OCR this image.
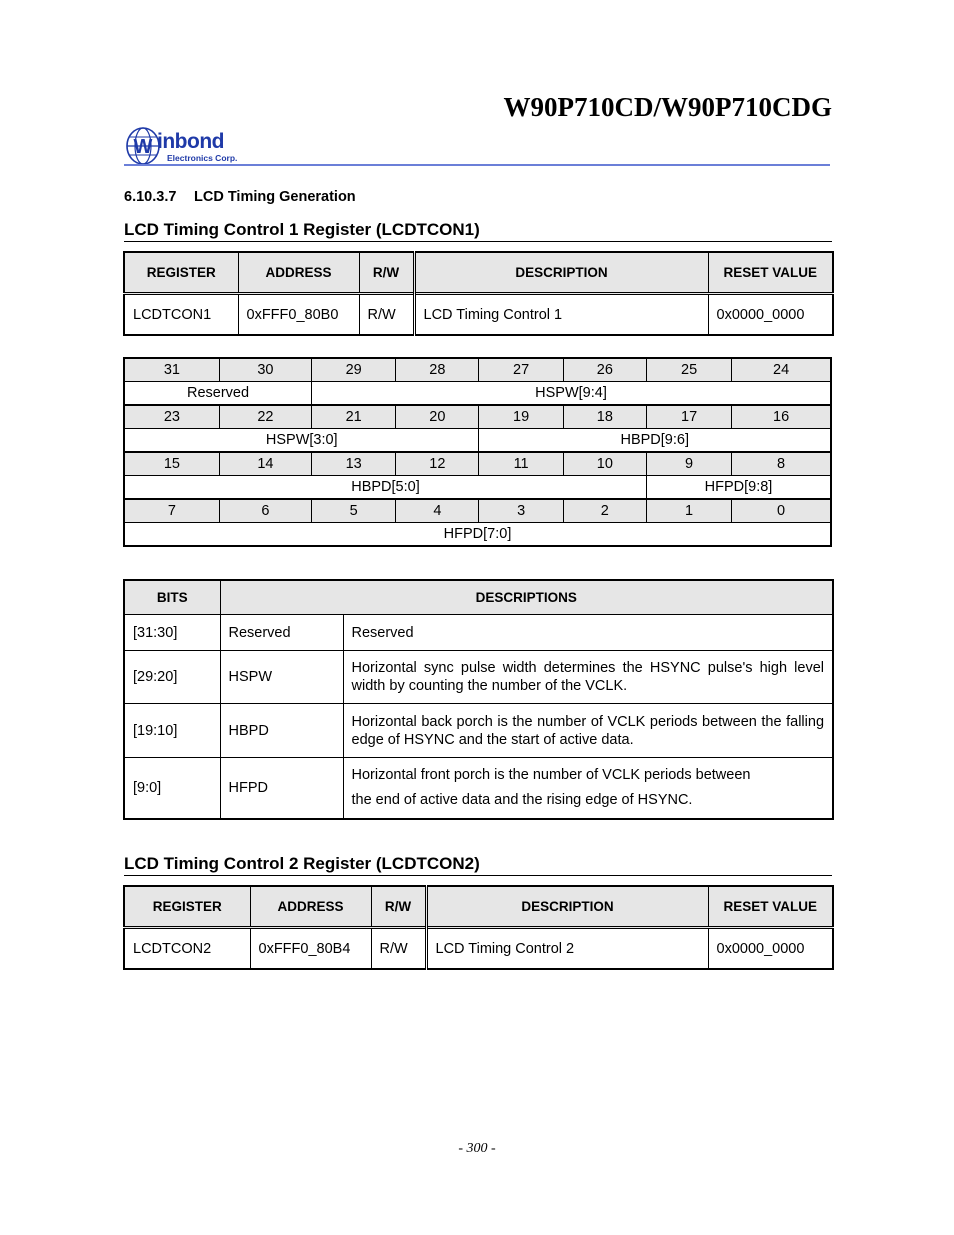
W90P710CD/W90P710CDG
W inbond
Electronics Corp.
6.10.3.7 LCD Timing Generation
LCD Timing Control 1 Register (LCDTCON1)
REGISTER	ADDRESS	R/W	DESCRIPTION	RESET VALUE
LCDTCON1	0xFFF0_80B0	R/W	LCD Timing Control 1	0x0000_0000
31	30	29	28	27	26	25	24
Reserved		HSPW[9:4]					
23	22	21	20	19	18	17	16
HSPW[3:0]				HBPD[9:6]			
15	14	13	12	11	10	9	8
HBPD[5:0]						HFPD[9:8]	
7	6	5	4	3	2	1	0
HFPD[7:0]							
BITS	DESCRIPTIONS	
[31:30]	Reserved	Reserved
[29:20]	HSPW	Horizontal sync pulse width determines the HSYNC pulse's high level width by counting the number of the VCLK.
[19:10]	HBPD	Horizontal back porch is the number of VCLK periods between the falling edge of HSYNC and the start of active data.
[9:0]	HFPD	Horizontal front porch is the number of VCLK periods between
the end of active data and the rising edge of HSYNC.
LCD Timing Control 2 Register (LCDTCON2)
REGISTER	ADDRESS	R/W	DESCRIPTION	RESET VALUE
LCDTCON2	0xFFF0_80B4	R/W	LCD Timing Control 2	0x0000_0000
- 300 -
